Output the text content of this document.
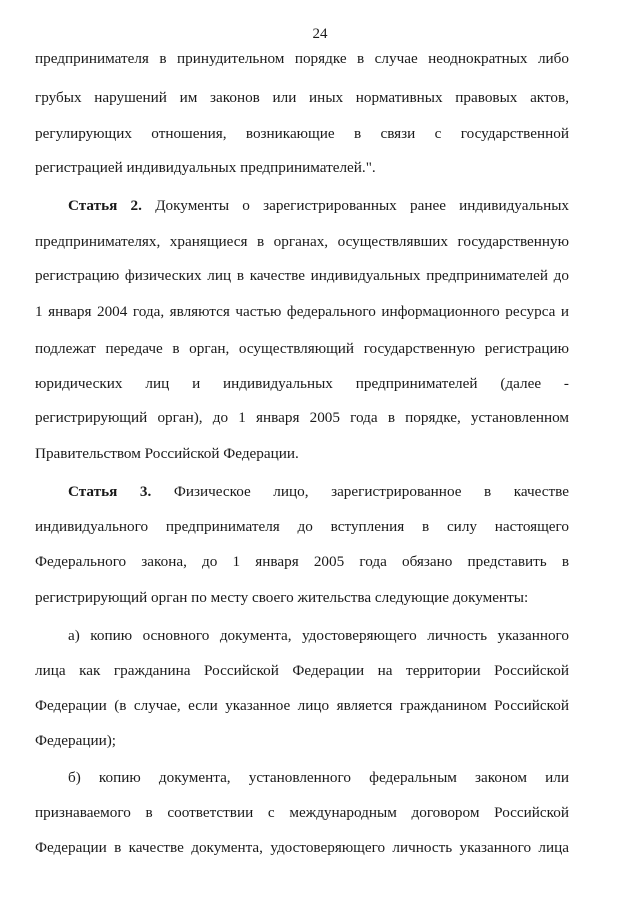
24
предпринимателя в принудительном порядке в случае неоднократных либо
грубых нарушений им законов или иных нормативных правовых актов,
регулирующих отношения, возникающие в связи с государственной
регистрацией индивидуальных предпринимателей.".
Статья 2. Документы о зарегистрированных ранее индивидуальных
предпринимателях, хранящиеся в органах, осуществлявших государственную
регистрацию физических лиц в качестве индивидуальных предпринимателей до
1 января 2004 года, являются частью федерального информационного ресурса и
подлежат передаче в орган, осуществляющий государственную регистрацию
юридических лиц и индивидуальных предпринимателей (далее -
регистрирующий орган), до 1 января 2005 года в порядке, установленном
Правительством Российской Федерации.
Статья 3. Физическое лицо, зарегистрированное в качестве
индивидуального предпринимателя до вступления в силу настоящего
Федерального закона, до 1 января 2005 года обязано представить в
регистрирующий орган по месту своего жительства следующие документы:
а) копию основного документа, удостоверяющего личность указанного
лица как гражданина Российской Федерации на территории Российской
Федерации (в случае, если указанное лицо является гражданином Российской
Федерации);
б) копию документа, установленного федеральным законом или
признаваемого в соответствии с международным договором Российской
Федерации в качестве документа, удостоверяющего личность указанного лица
